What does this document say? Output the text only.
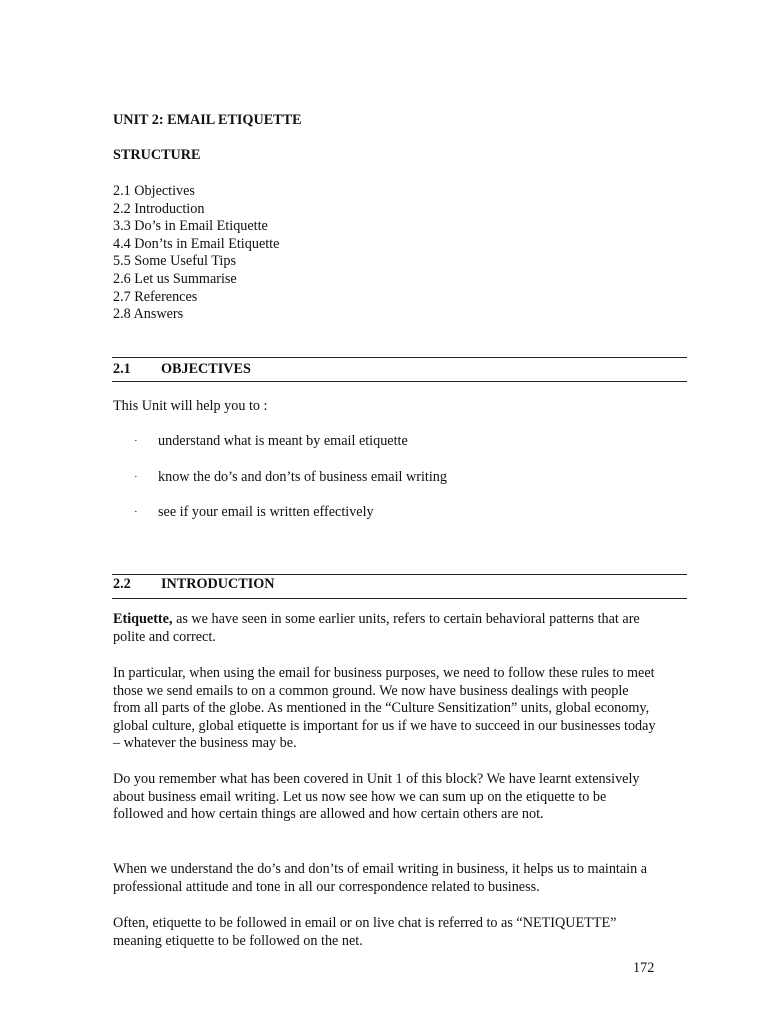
UNIT 2: EMAIL ETIQUETTE
STRUCTURE
2.1 Objectives
2.2 Introduction
3.3 Do’s in Email Etiquette
4.4 Don’ts in Email Etiquette
5.5 Some Useful Tips
2.6 Let us Summarise
2.7 References
2.8 Answers
2.1 OBJECTIVES
This Unit will help you to :
· understand what is meant by email etiquette
· know the do’s and don’ts of business email writing
· see if your email is written effectively
2.2 INTRODUCTION

Etiquette, as we have seen in some earlier units, refers to certain behavioral patterns that are polite and correct.

In particular, when using the email for business purposes, we need to follow these rules to meet those we send emails to on a common ground. We now have business dealings with people from all parts of the globe. As mentioned in the “Culture Sensitization” units, global economy, global culture, global etiquette is important for us if we have to succeed in our businesses today – whatever the business may be.

Do you remember what has been covered in Unit 1 of this block? We have learnt extensively about business email writing. Let us now see how we can sum up on the etiquette to be followed and how certain things are allowed and how certain others are not.

When we understand the do’s and don’ts of email writing in business, it helps us to maintain a professional attitude and tone in all our correspondence related to business.

Often, etiquette to be followed in email or on live chat is referred to as “NETIQUETTE” meaning etiquette to be followed on the net.

172
